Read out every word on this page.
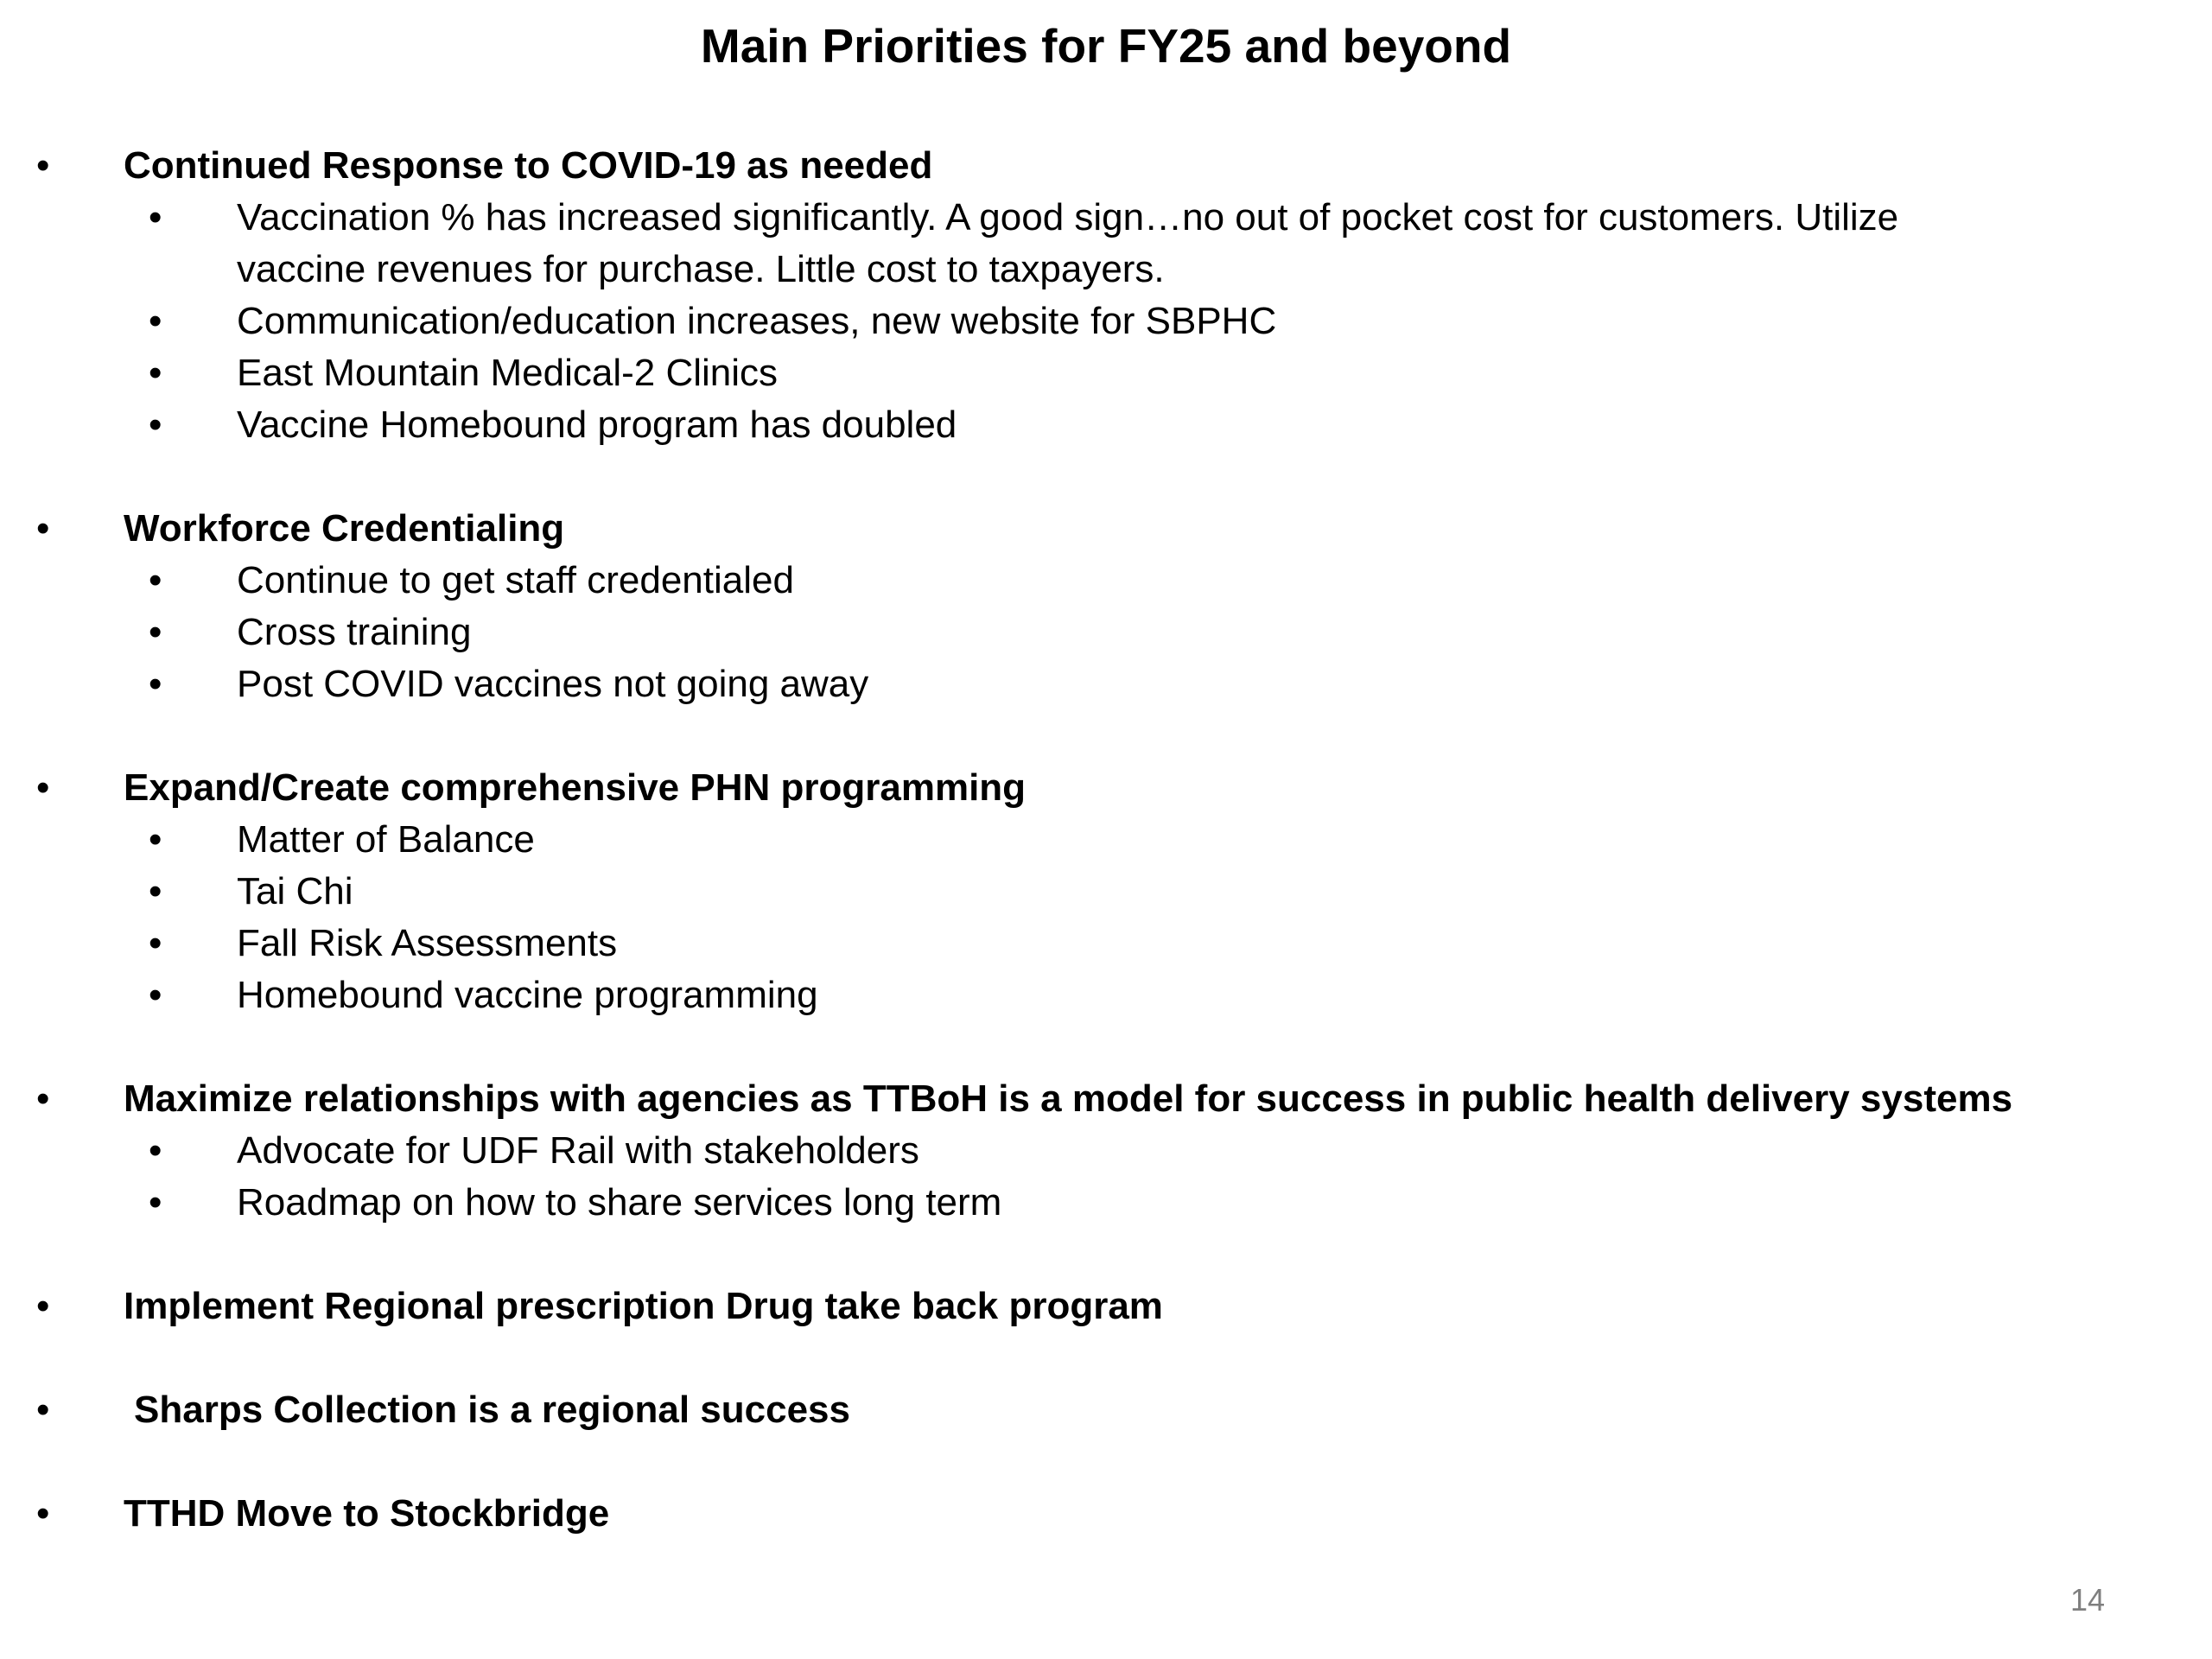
Main Priorities for FY25 and beyond
•	Continued Response to COVID-19 as needed
•	Vaccination % has increased significantly. A good sign…no out of pocket cost for customers. Utilize vaccine revenues for purchase. Little cost to taxpayers.
•	Communication/education increases, new website for SBPHC
•	East Mountain Medical-2 Clinics
•	Vaccine Homebound program has doubled
•	Workforce Credentialing
•	Continue to get staff credentialed
•	Cross training
•	Post COVID vaccines not going away
•	Expand/Create comprehensive PHN programming
•	Matter of Balance
•	Tai Chi
•	Fall Risk Assessments
•	Homebound vaccine programming
•	Maximize relationships with agencies as TTBoH is a model for success in public health delivery systems
•	Advocate for UDF Rail with stakeholders
•	Roadmap on how to share services long term
•	Implement Regional prescription Drug take back program
•	Sharps Collection is a regional success
•	TTHD Move to Stockbridge
14
